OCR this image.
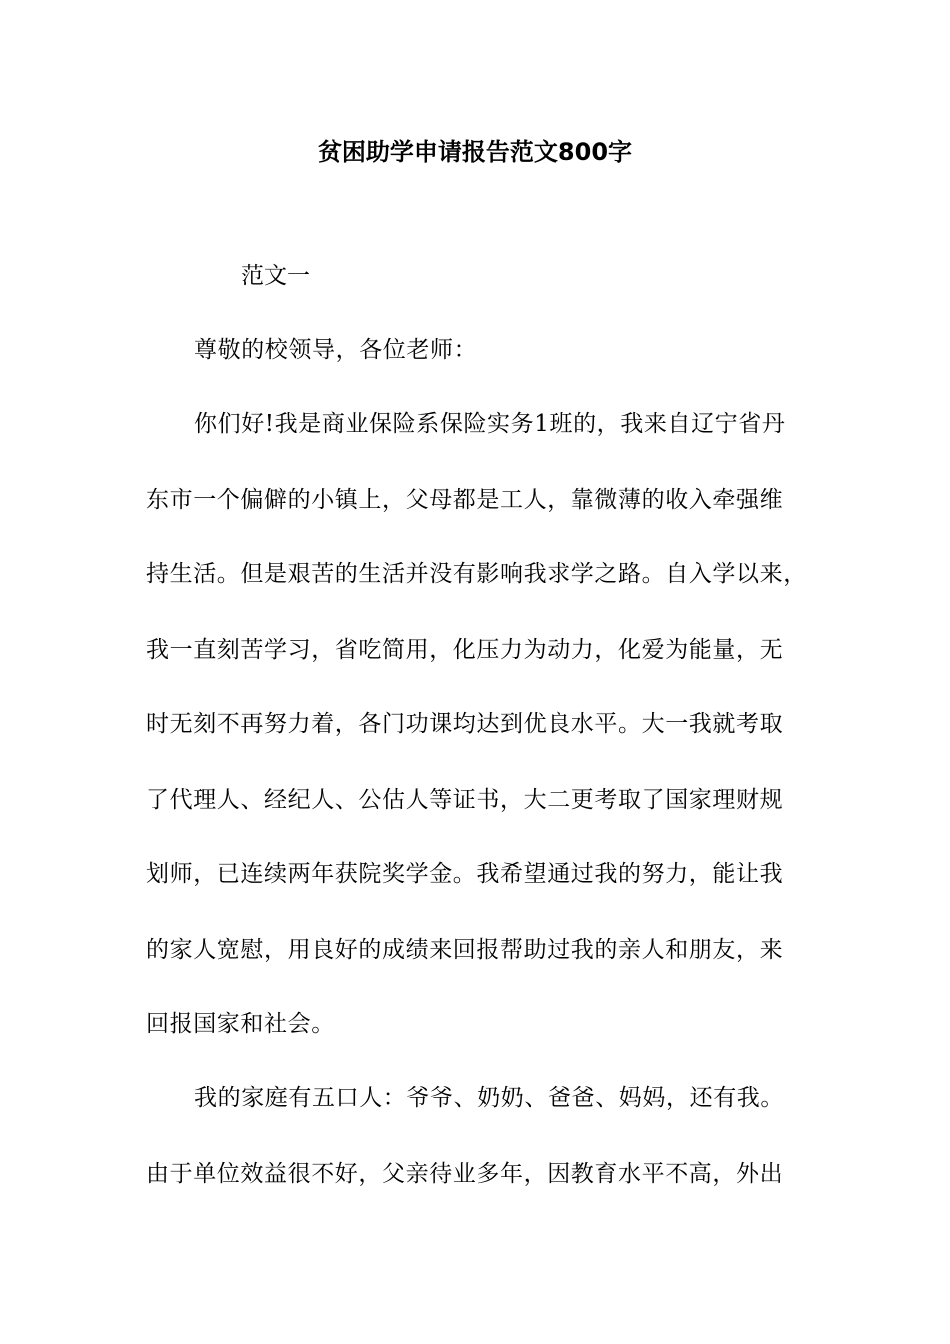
贫困助学申请报告范文800字

范文一

尊敬的校领导，各位老师：

你们好!我是商业保险系保险实务1班的，我来自辽宁省丹

东市一个偏僻的小镇上，父母都是工人，靠微薄的收入牵强维

持生活。但是艰苦的生活并没有影响我求学之路。自入学以来，

我一直刻苦学习，省吃简用，化压力为动力，化爱为能量，无

时无刻不再努力着，各门功课均达到优良水平。大一我就考取

了代理人、经纪人、公估人等证书，大二更考取了国家理财规

划师，已连续两年获院奖学金。我希望通过我的努力，能让我

的家人宽慰，用良好的成绩来回报帮助过我的亲人和朋友，来

回报国家和社会。

我的家庭有五口人：爷爷、奶奶、爸爸、妈妈，还有我。

由于单位效益很不好，父亲待业多年，因教育水平不高，外出
